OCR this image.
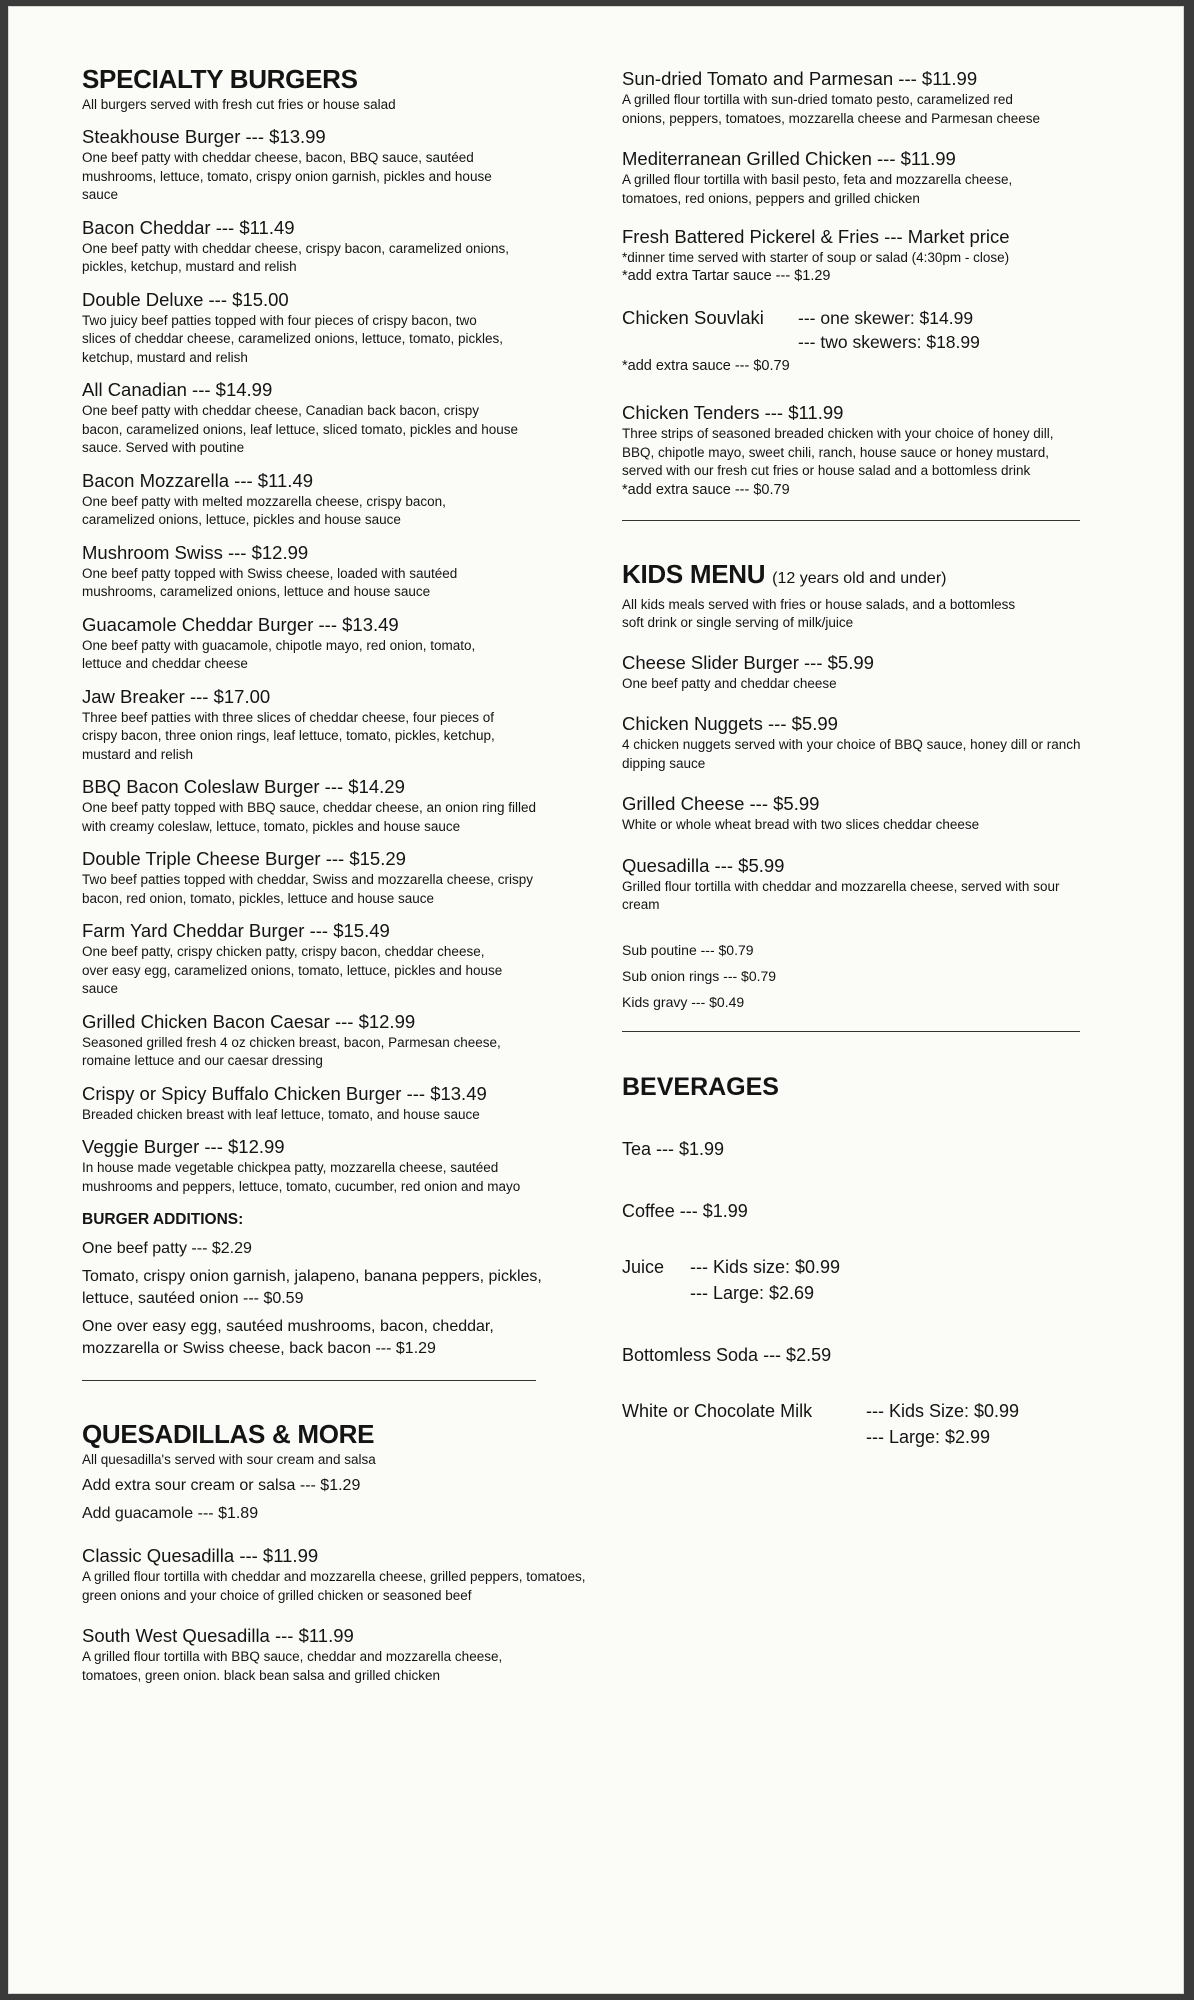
SPECIALTY BURGERS

All burgers served with fresh cut fries or house salad

Steakhouse Burger --- $13.99
One beef patty with cheddar cheese, bacon, BBQ sauce, sautéed mushrooms, lettuce, tomato, crispy onion garnish, pickles and house sauce
Bacon Cheddar --- $11.49
One beef patty with cheddar cheese, crispy bacon, caramelized onions, pickles, ketchup, mustard and relish
Double Deluxe --- $15.00
Two juicy beef patties topped with four pieces of crispy bacon, two slices of cheddar cheese, caramelized onions, lettuce, tomato, pickles, ketchup, mustard and relish
All Canadian --- $14.99
One beef patty with cheddar cheese, Canadian back bacon, crispy bacon, caramelized onions, leaf lettuce, sliced tomato, pickles and house sauce. Served with poutine
Bacon Mozzarella --- $11.49
One beef patty with melted mozzarella cheese, crispy bacon, caramelized onions, lettuce, pickles and house sauce
Mushroom Swiss --- $12.99
One beef patty topped with Swiss cheese, loaded with sautéed mushrooms, caramelized onions, lettuce and house sauce
Guacamole Cheddar Burger --- $13.49
One beef patty with guacamole, chipotle mayo, red onion, tomato, lettuce and cheddar cheese
Jaw Breaker --- $17.00
Three beef patties with three slices of cheddar cheese, four pieces of crispy bacon, three onion rings, leaf lettuce, tomato, pickles, ketchup, mustard and relish
BBQ Bacon Coleslaw Burger --- $14.29
One beef patty topped with BBQ sauce, cheddar cheese, an onion ring filled with creamy coleslaw, lettuce, tomato, pickles and house sauce
Double Triple Cheese Burger --- $15.29
Two beef patties topped with cheddar, Swiss and mozzarella cheese, crispy bacon, red onion, tomato, pickles, lettuce and house sauce
Farm Yard Cheddar Burger --- $15.49
One beef patty, crispy chicken patty, crispy bacon, cheddar cheese, over easy egg, caramelized onions, tomato, lettuce, pickles and house sauce
Grilled Chicken Bacon Caesar --- $12.99
Seasoned grilled fresh 4 oz chicken breast, bacon, Parmesan cheese, romaine lettuce and our caesar dressing
Crispy or Spicy Buffalo Chicken Burger --- $13.49
Breaded chicken breast with leaf lettuce, tomato, and house sauce
Veggie Burger --- $12.99
In house made vegetable chickpea patty, mozzarella cheese, sautéed mushrooms and peppers, lettuce, tomato, cucumber, red onion and mayo
BURGER ADDITIONS:
One beef patty --- $2.29
Tomato, crispy onion garnish, jalapeno, banana peppers, pickles, lettuce, sautéed onion --- $0.59
One over easy egg, sautéed mushrooms, bacon, cheddar, mozzarella or Swiss cheese, back bacon --- $1.29
QUESADILLAS & MORE

All quesadilla's served with sour cream and salsa

Add extra sour cream or salsa --- $1.29
Add guacamole --- $1.89
Classic Quesadilla --- $11.99
A grilled flour tortilla with cheddar and mozzarella cheese, grilled peppers, tomatoes, green onions and your choice of grilled chicken or seasoned beef
South West Quesadilla --- $11.99
A grilled flour tortilla with BBQ sauce, cheddar and mozzarella cheese, tomatoes, green onion. black bean salsa and grilled chicken
Sun-dried Tomato and Parmesan --- $11.99
A grilled flour tortilla with sun-dried tomato pesto, caramelized red onions, peppers, tomatoes, mozzarella cheese and Parmesan cheese
Mediterranean Grilled Chicken --- $11.99
A grilled flour tortilla with basil pesto, feta and mozzarella cheese, tomatoes, red onions, peppers and grilled chicken
Fresh Battered Pickerel & Fries --- Market price
*dinner time served with starter of soup or salad (4:30pm - close)
*add extra Tartar sauce --- $1.29
Chicken Souvlaki	--- one skewer: $14.99
--- two skewers: $18.99
*add extra sauce --- $0.79
Chicken Tenders --- $11.99
Three strips of seasoned breaded chicken with your choice of honey dill, BBQ, chipotle mayo, sweet chili, ranch, house sauce or honey mustard, served with our fresh cut fries or house salad and a bottomless drink
*add extra sauce --- $0.79
KIDS MENU (12 years old and under)

All kids meals served with fries or house salads, and a bottomless soft drink or single serving of milk/juice

Cheese Slider Burger --- $5.99
One beef patty and cheddar cheese
Chicken Nuggets --- $5.99
4 chicken nuggets served with your choice of BBQ sauce, honey dill or ranch dipping sauce
Grilled Cheese --- $5.99
White or whole wheat bread with two slices cheddar cheese
Quesadilla --- $5.99
Grilled flour tortilla with cheddar and mozzarella cheese, served with sour cream
Sub poutine --- $0.79
Sub onion rings --- $0.79
Kids gravy --- $0.49
BEVERAGES
Tea --- $1.99
Coffee --- $1.99
Juice	--- Kids size: $0.99
--- Large: $2.69
Bottomless Soda --- $2.59
White or Chocolate Milk	--- Kids Size: $0.99
--- Large: $2.99
